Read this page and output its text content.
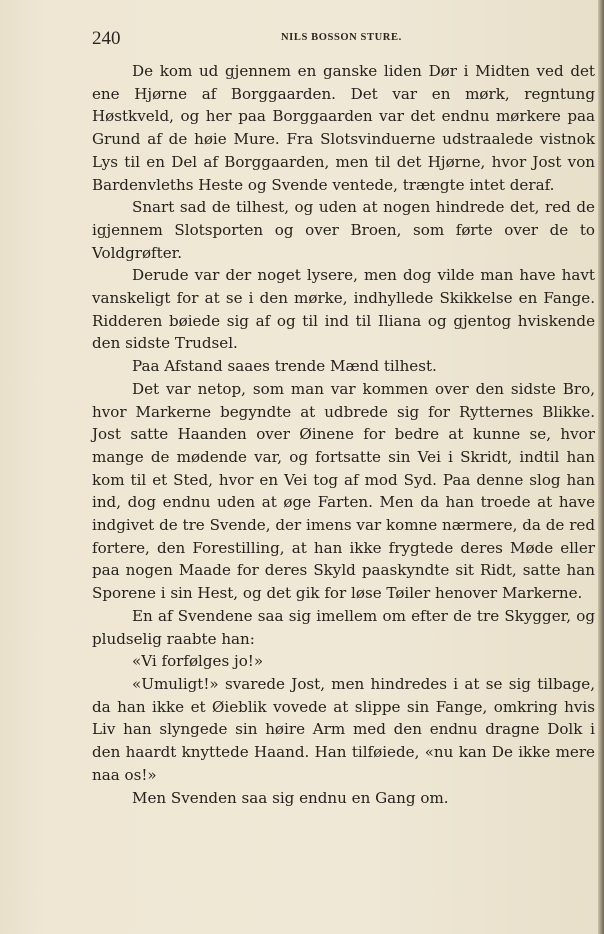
240	NILS BOSSON STURE.

De kom ud gjennem en ganske liden Dør i Midten ved det ene Hjørne af Borggaarden. Det var en mørk, regntung Høstkveld, og her paa Borggaarden var det endnu mørkere paa Grund af de høie Mure. Fra Slotsvinduerne udstraalede vistnok Lys til en Del af Borggaarden, men til det Hjørne, hvor Jost von Bardenvleths Heste og Svende ventede, trængte intet deraf.

Snart sad de tilhest, og uden at nogen hindrede det, red de igjennem Slotsporten og over Broen, som førte over de to Voldgrøfter.

Derude var der noget lysere, men dog vilde man have havt vanskeligt for at se i den mørke, indhyllede Skikkelse en Fange. Ridderen bøiede sig af og til ind til Iliana og gjentog hviskende den sidste Trudsel.

Paa Afstand saaes trende Mænd tilhest.

Det var netop, som man var kommen over den sidste Bro, hvor Markerne begyndte at udbrede sig for Rytternes Blikke. Jost satte Haanden over Øinene for bedre at kunne se, hvor mange de mødende var, og fortsatte sin Vei i Skridt, indtil han kom til et Sted, hvor en Vei tog af mod Syd. Paa denne slog han ind, dog endnu uden at øge Farten. Men da han troede at have indgivet de tre Svende, der imens var komne nærmere, da de red fortere, den Forestilling, at han ikke frygtede deres Møde eller paa nogen Maade for deres Skyld paaskyndte sit Ridt, satte han Sporene i sin Hest, og det gik for løse Tøiler henover Markerne.

En af Svendene saa sig imellem om efter de tre Skygger, og pludselig raabte han:

«Vi forfølges jo!»

«Umuligt!» svarede Jost, men hindredes i at se sig tilbage, da han ikke et Øieblik vovede at slippe sin Fange, omkring hvis Liv han slyngede sin høire Arm med den endnu dragne Dolk i den haardt knyttede Haand. Han tilføiede, «nu kan De ikke mere naa os!»

Men Svenden saa sig endnu en Gang om.
